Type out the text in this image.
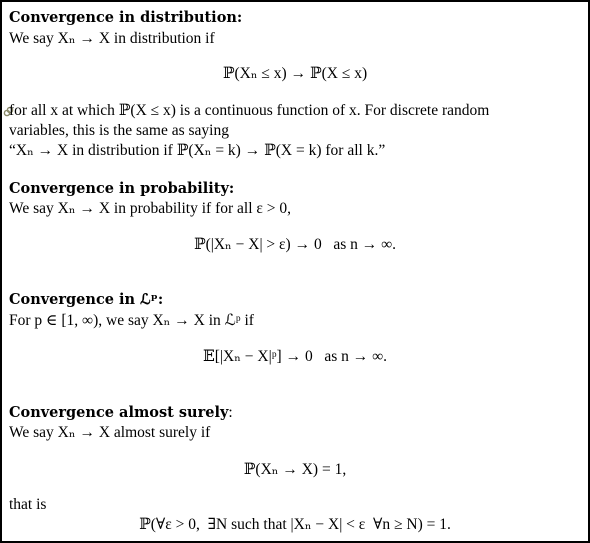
Convergence in distribution:
We say Xₙ → X in distribution if
ℙ(Xₙ ≤ x) → ℙ(X ≤ x)
for all x at which ℙ(X ≤ x) is a continuous function of x. For discrete random
variables, this is the same as saying
“Xₙ → X in distribution if ℙ(Xₙ = k) → ℙ(X = k) for all k.”
Convergence in probability:
We say Xₙ → X in probability if for all ε > 0,
ℙ(|Xₙ − X| > ε) → 0   as n → ∞.
Convergence in ℒᵖ:
For p ∈ [1, ∞), we say Xₙ → X in ℒᵖ if
𝔼[|Xₙ − X|ᵖ] → 0   as n → ∞.
Convergence almost surely:
We say Xₙ → X almost surely if
ℙ(Xₙ → X) = 1,
that is
ℙ(∀ε > 0,  ∃N such that |Xₙ − X| < ε  ∀n ≥ N) = 1.
